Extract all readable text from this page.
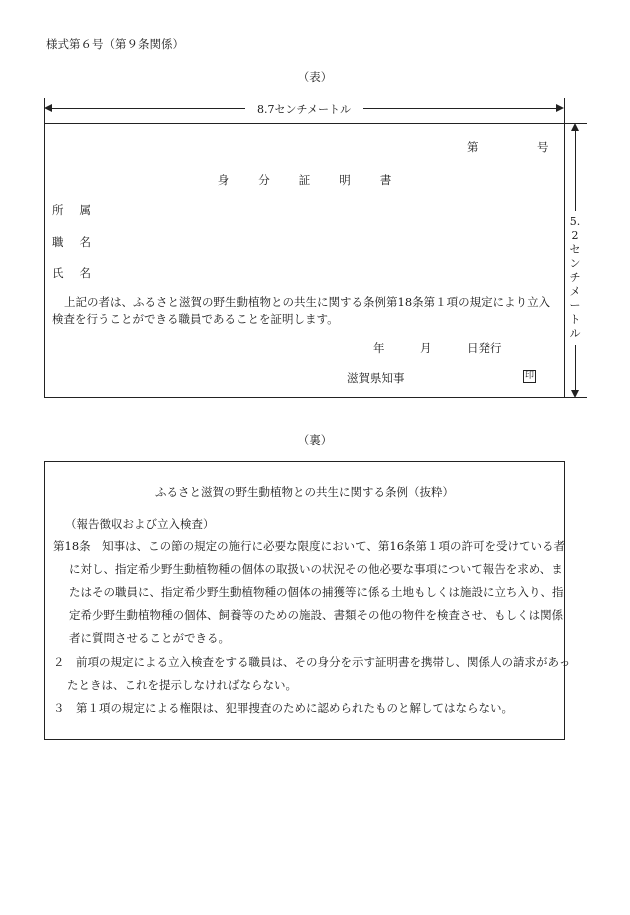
様式第６号（第９条関係）
（表）
8.7センチメートル
5.2センチメートル
第	号
身分証明書
所属
職名
氏名
上記の者は、ふるさと滋賀の野生動植物との共生に関する条例第18条第１項の規定により立入検査を行うことができる職員であることを証明します。
年	月	日発行
滋賀県知事	印
（裏）
ふるさと滋賀の野生動植物との共生に関する条例（抜粋）
（報告徴収および立入検査）
第18条　 知事は、この節の規定の施行に必要な限度において、第16条第１項の許可を受けている者に対し、指定希少野生動植物種の個体の取扱いの状況その他必要な事項について報告を求め、またはその職員に、指定希少野生動植物種の個体の捕獲等に係る土地もしくは施設に立ち入り、指定希少野生動植物種の個体、飼養等のための施設、書類その他の物件を検査させ、もしくは関係者に質問させることができる。
２　 前項の規定による立入検査をする職員は、その身分を示す証明書を携帯し、関係人の請求があったときは、これを提示しなければならない。
３　 第１項の規定による権限は、犯罪捜査のために認められたものと解してはならない。
